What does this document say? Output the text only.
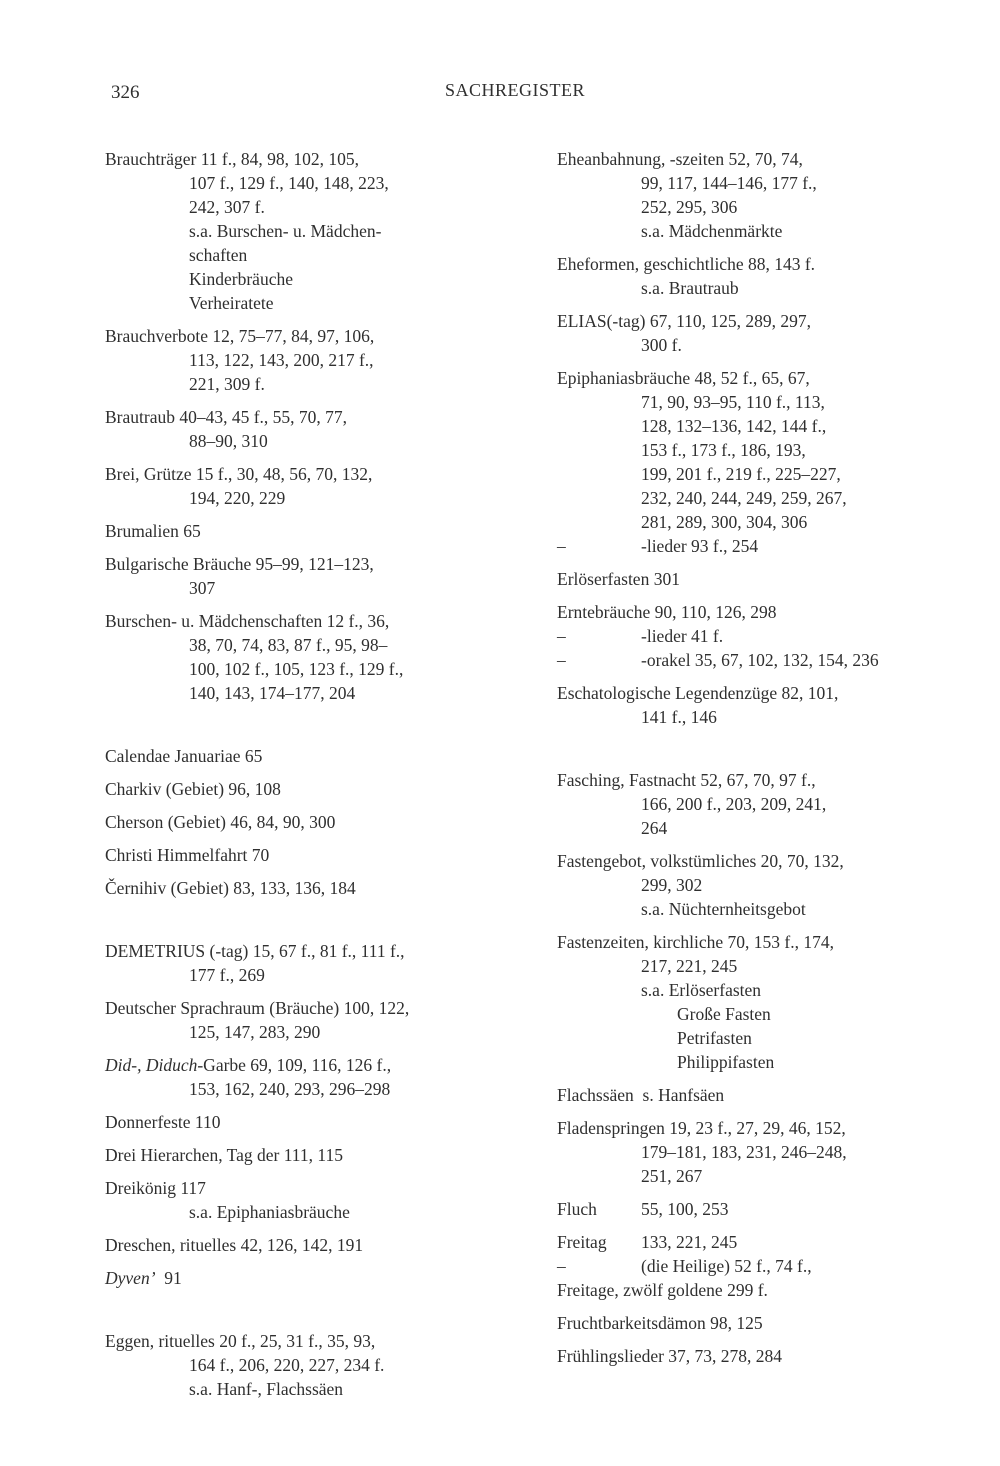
326	SACHREGISTER
Brauchträger 11 f., 84, 98, 102, 105,
107 f., 129 f., 140, 148, 223,
242, 307 f.
s.a. Burschen- u. Mädchen-
schaften
Kinderbräuche
Verheiratete
Brauchverbote 12, 75–77, 84, 97, 106,
113, 122, 143, 200, 217 f.,
221, 309 f.
Brautraub 40–43, 45 f., 55, 70, 77,
88–90, 310
Brei, Grütze 15 f., 30, 48, 56, 70, 132,
194, 220, 229
Brumalien 65
Bulgarische Bräuche 95–99, 121–123,
307
Burschen- u. Mädchenschaften 12 f., 36,
38, 70, 74, 83, 87 f., 95, 98–
100, 102 f., 105, 123 f., 129 f.,
140, 143, 174–177, 204
Calendae Januariae 65
Charkiv (Gebiet) 96, 108
Cherson (Gebiet) 46, 84, 90, 300
Christi Himmelfahrt 70
Černihiv (Gebiet) 83, 133, 136, 184
DEMETRIUS (-tag) 15, 67 f., 81 f., 111 f.,
177 f., 269
Deutscher Sprachraum (Bräuche) 100, 122,
125, 147, 283, 290
Did-, Diduch-Garbe 69, 109, 116, 126 f.,
153, 162, 240, 293, 296–298
Donnerfeste 110
Drei Hierarchen, Tag der 111, 115
Dreikönig 117
s.a. Epiphaniasbräuche
Dreschen, rituelles 42, 126, 142, 191
Dyven’  91
Eggen, rituelles 20 f., 25, 31 f., 35, 93,
164 f., 206, 220, 227, 234 f.
s.a. Hanf-, Flachssäen
Eheanbahnung, -szeiten 52, 70, 74,
99, 117, 144–146, 177 f.,
252, 295, 306
s.a. Mädchenmärkte
Eheformen, geschichtliche 88, 143 f.
s.a. Brautraub
ELIAS(-tag) 67, 110, 125, 289, 297,
300 f.
Epiphaniasbräuche 48, 52 f., 65, 67,
71, 90, 93–95, 110 f., 113,
128, 132–136, 142, 144 f.,
153 f., 173 f., 186, 193,
199, 201 f., 219 f., 225–227,
232, 240, 244, 249, 259, 267,
281, 289, 300, 304, 306
–	-lieder 93 f., 254
Erlöserfasten 301
Erntebräuche 90, 110, 126, 298
–	-lieder 41 f.
–	-orakel 35, 67, 102, 132, 154, 236
Eschatologische Legendenzüge 82, 101,
141 f., 146
Fasching, Fastnacht 52, 67, 70, 97 f.,
166, 200 f., 203, 209, 241,
264
Fastengebot, volkstümliches 20, 70, 132,
299, 302
s.a. Nüchternheitsgebot
Fastenzeiten, kirchliche 70, 153 f., 174,
217, 221, 245
s.a. Erlöserfasten
Große Fasten
Petrifasten
Philippifasten
Flachssäen  s. Hanfsäen
Fladenspringen 19, 23 f., 27, 29, 46, 152,
179–181, 183, 231, 246–248,
251, 267
Fluch	55, 100, 253
Freitag 133, 221, 245
–	(die Heilige) 52 f., 74 f.,
Freitage, zwölf goldene 299 f.
Fruchtbarkeitsdämon 98, 125
Frühlingslieder 37, 73, 278, 284
